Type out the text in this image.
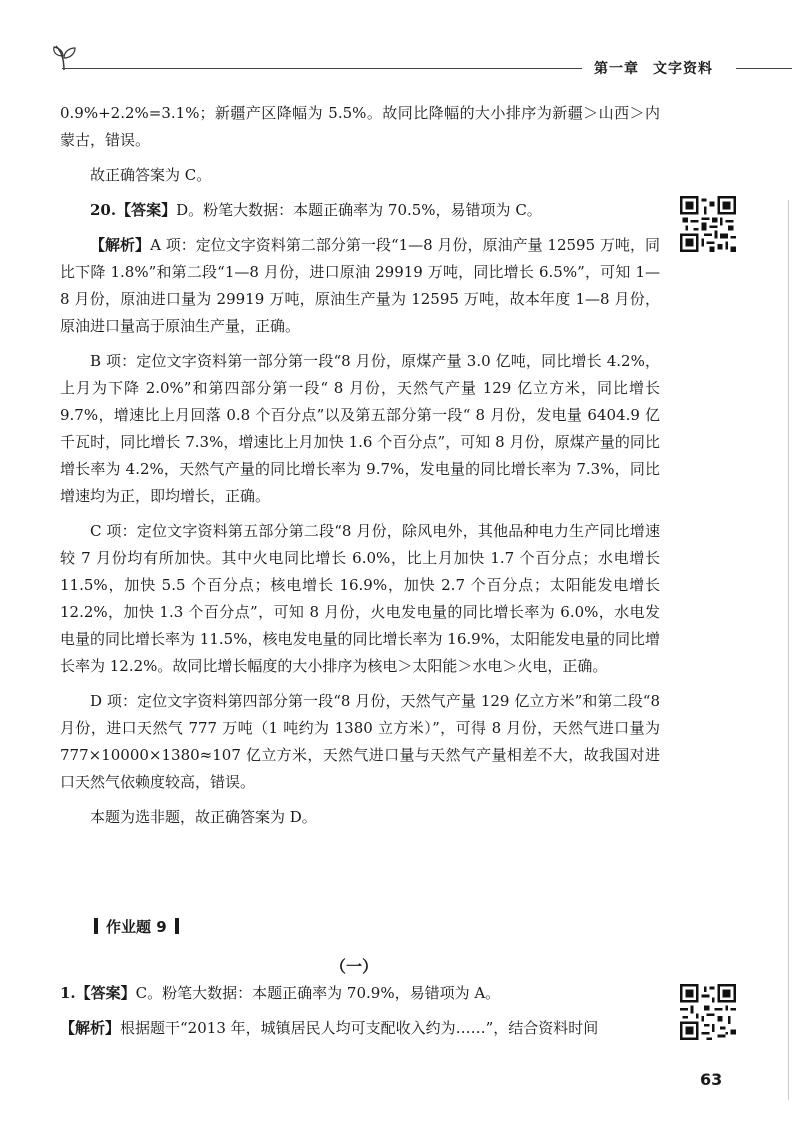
第一章 文字资料

0.9%+2.2%=3.1%；新疆产区降幅为 5.5%。故同比降幅的大小排序为新疆＞山西＞内蒙古，错误。

故正确答案为 C。

20.【答案】D。粉笔大数据：本题正确率为 70.5%，易错项为 C。

【解析】A 项：定位文字资料第二部分第一段“1—8 月份，原油产量 12595 万吨，同比下降 1.8%”和第二段“1—8 月份，进口原油 29919 万吨，同比增长 6.5%”，可知 1—8 月份，原油进口量为 29919 万吨，原油生产量为 12595 万吨，故本年度 1—8 月份，原油进口量高于原油生产量，正确。

B 项：定位文字资料第一部分第一段“8 月份，原煤产量 3.0 亿吨，同比增长 4.2%，上月为下降 2.0%”和第四部分第一段“ 8 月份，天然气产量 129 亿立方米，同比增长 9.7%，增速比上月回落 0.8 个百分点”以及第五部分第一段“ 8 月份，发电量 6404.9 亿千瓦时，同比增长 7.3%，增速比上月加快 1.6 个百分点”，可知 8 月份，原煤产量的同比增长率为 4.2%，天然气产量的同比增长率为 9.7%，发电量的同比增长率为 7.3%，同比增速均为正，即均增长，正确。

C 项：定位文字资料第五部分第二段“8 月份，除风电外，其他品种电力生产同比增速较 7 月份均有所加快。其中火电同比增长 6.0%，比上月加快 1.7 个百分点；水电增长 11.5%，加快 5.5 个百分点；核电增长 16.9%，加快 2.7 个百分点；太阳能发电增长 12.2%，加快 1.3 个百分点”，可知 8 月份，火电发电量的同比增长率为 6.0%，水电发电量的同比增长率为 11.5%，核电发电量的同比增长率为 16.9%，太阳能发电量的同比增长率为 12.2%。故同比增长幅度的大小排序为核电＞太阳能＞水电＞火电，正确。

D 项：定位文字资料第四部分第一段“8 月份，天然气产量 129 亿立方米”和第二段“8 月份，进口天然气 777 万吨（1 吨约为 1380 立方米）”，可得 8 月份，天然气进口量为 777×10000×1380≈107 亿立方米，天然气进口量与天然气产量相差不大，故我国对进口天然气依赖度较高，错误。

本题为选非题，故正确答案为 D。

作业题 9
（一）

1.【答案】C。粉笔大数据：本题正确率为 70.9%，易错项为 A。

【解析】根据题干“2013 年，城镇居民人均可支配收入约为……”，结合资料时间

63
